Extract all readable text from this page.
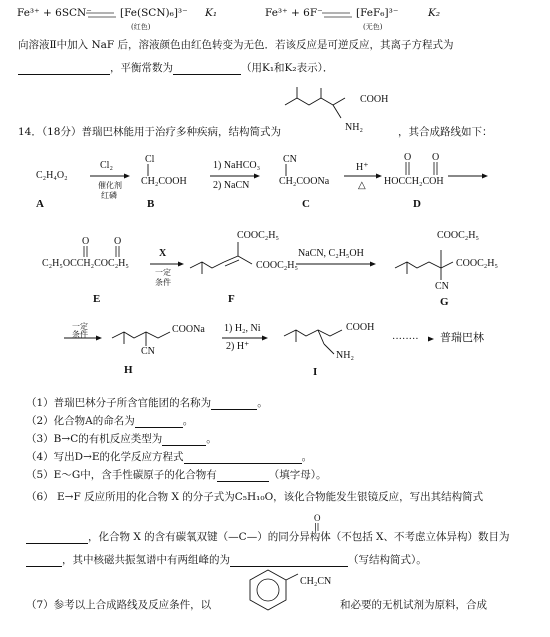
Fe³⁺ + 6SCN⁻	[Fe(SCN)₆]³⁻
(红色)
K₁	Fe³⁺ + 6F⁻	[FeF₆]³⁻
(无色)
K₂
向溶液Ⅱ中加入 NaF 后，溶液颜色由红色转变为无色．若该反应是可逆反应，其离子方程式为
，平衡常数为	（用K₁和K₂表示）．
COOH
NH₂
14．（18分）普瑞巴林能用于治疗多种疾病，结构简式为	，其合成路线如下：
C₂H₄O₂
Cl₂
催化剂
红磷
Cl
CH₂COOH
1) NaHCO₃
2) NaCN
CN
CH₂COONa
H⁺
△
O O
HOCCH₂COH
A	B	C	D
O O
C₂H₅OCCH₂COC₂H₅
X
一定
条件
COOC₂H₅
COOC₂H₅
NaCN, C₂H₅OH
COOC₂H₅
COOC₂H₅
CN
E	F	G
一定
条件	COONa
CN
1) H₂, Ni
2) H⁺
COOH
NH₂
········ 普瑞巴林
H	I
（1）普瑞巴林分子所含官能团的名称为	。
（2）化合物A的命名为	。
（3）B→C的有机反应类型为	。
（4）写出D→E的化学反应方程式	。
（5）E～G中，含手性碳原子的化合物有	（填字母）。
（6） E→F 反应所用的化合物 X 的分子式为C₅H₁₀O，该化合物能发生银镜反应，写出其结构简式
O
，化合物 X 的含有碳氧双键（—C—）的同分异构体（不包括 X、不考虑立体异构）数目为
，其中核磁共振氢谱中有两组峰的为	（写结构简式）。
CH₂CN
（7）参考以上合成路线及反应条件，以	和必要的无机试剂为原料，合成
